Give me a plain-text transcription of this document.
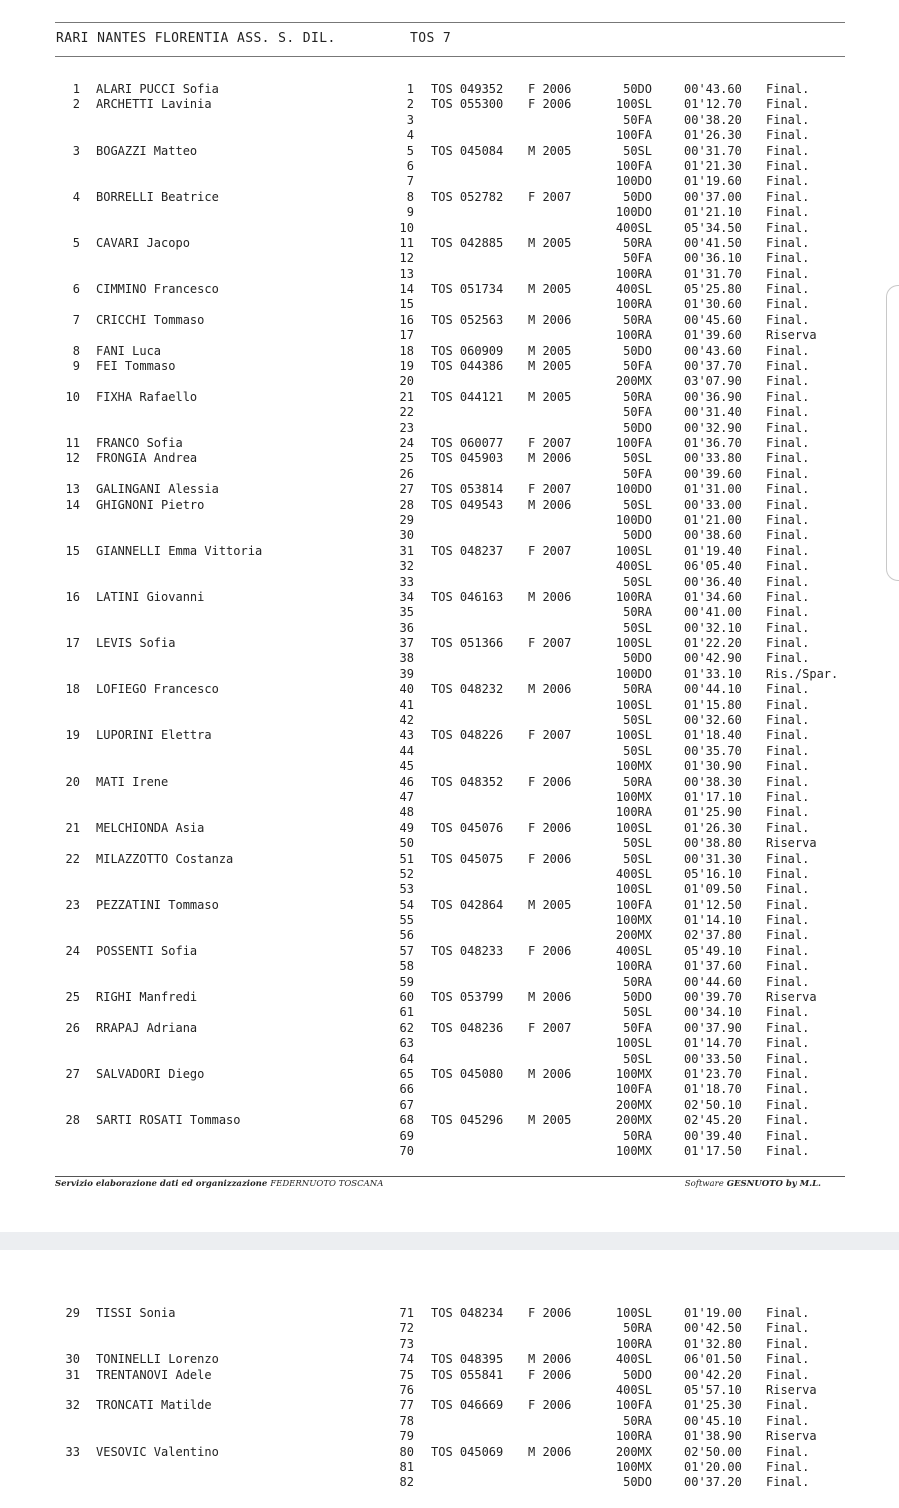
RARI NANTES FLORENTIA ASS. S. DIL.	TOS 7
1 ALARI PUCCI Sofia	1 TOS 049352 F 2006	50DO	00'43.60 Final.
2 ARCHETTI Lavinia	2 TOS 055300 F 2006	100SL	01'12.70 Final.
3	50FA	00'38.20 Final.
4	100FA	01'26.30 Final.
3 BOGAZZI Matteo	5 TOS 045084 M 2005	50SL	00'31.70 Final.
6	100FA	01'21.30 Final.
7	100DO	01'19.60 Final.
4 BORRELLI Beatrice	8 TOS 052782 F 2007	50DO	00'37.00 Final.
9	100DO	01'21.10 Final.
10	400SL	05'34.50 Final.
5 CAVARI Jacopo	11 TOS 042885 M 2005	50RA	00'41.50 Final.
12	50FA	00'36.10 Final.
13	100RA	01'31.70 Final.
6 CIMMINO Francesco	14 TOS 051734 M 2005	400SL	05'25.80 Final.
15	100RA	01'30.60 Final.
7 CRICCHI Tommaso	16 TOS 052563 M 2006	50RA	00'45.60 Final.
17	100RA	01'39.60 Riserva
8 FANI Luca	18 TOS 060909 M 2005	50DO	00'43.60 Final.
9 FEI Tommaso	19 TOS 044386 M 2005	50FA	00'37.70 Final.
20	200MX	03'07.90 Final.
10 FIXHA Rafaello	21 TOS 044121 M 2005	50RA	00'36.90 Final.
22	50FA	00'31.40 Final.
23	50DO	00'32.90 Final.
11 FRANCO Sofia	24 TOS 060077 F 2007	100FA	01'36.70 Final.
12 FRONGIA Andrea	25 TOS 045903 M 2006	50SL	00'33.80 Final.
26	50FA	00'39.60 Final.
13 GALINGANI Alessia	27 TOS 053814 F 2007	100DO	01'31.00 Final.
14 GHIGNONI Pietro	28 TOS 049543 M 2006	50SL	00'33.00 Final.
29	100DO	01'21.00 Final.
30	50DO	00'38.60 Final.
15 GIANNELLI Emma Vittoria	31 TOS 048237 F 2007	100SL	01'19.40 Final.
32	400SL	06'05.40 Final.
33	50SL	00'36.40 Final.
16 LATINI Giovanni	34 TOS 046163 M 2006	100RA	01'34.60 Final.
35	50RA	00'41.00 Final.
36	50SL	00'32.10 Final.
17 LEVIS Sofia	37 TOS 051366 F 2007	100SL	01'22.20 Final.
38	50DO	00'42.90 Final.
39	100DO	01'33.10 Ris./Spar.
18 LOFIEGO Francesco	40 TOS 048232 M 2006	50RA	00'44.10 Final.
41	100SL	01'15.80 Final.
42	50SL	00'32.60 Final.
19 LUPORINI Elettra	43 TOS 048226 F 2007	100SL	01'18.40 Final.
44	50SL	00'35.70 Final.
45	100MX	01'30.90 Final.
20 MATI Irene	46 TOS 048352 F 2006	50RA	00'38.30 Final.
47	100MX	01'17.10 Final.
48	100RA	01'25.90 Final.
21 MELCHIONDA Asia	49 TOS 045076 F 2006	100SL	01'26.30 Final.
50	50SL	00'38.80 Riserva
22 MILAZZOTTO Costanza	51 TOS 045075 F 2006	50SL	00'31.30 Final.
52	400SL	05'16.10 Final.
53	100SL	01'09.50 Final.
23 PEZZATINI Tommaso	54 TOS 042864 M 2005	100FA	01'12.50 Final.
55	100MX	01'14.10 Final.
56	200MX	02'37.80 Final.
24 POSSENTI Sofia	57 TOS 048233 F 2006	400SL	05'49.10 Final.
58	100RA	01'37.60 Final.
59	50RA	00'44.60 Final.
25 RIGHI Manfredi	60 TOS 053799 M 2006	50DO	00'39.70 Riserva
61	50SL	00'34.10 Final.
26 RRAPAJ Adriana	62 TOS 048236 F 2007	50FA	00'37.90 Final.
63	100SL	01'14.70 Final.
64	50SL	00'33.50 Final.
27 SALVADORI Diego	65 TOS 045080 M 2006	100MX	01'23.70 Final.
66	100FA	01'18.70 Final.
67	200MX	02'50.10 Final.
28 SARTI ROSATI Tommaso	68 TOS 045296 M 2005	200MX	02'45.20 Final.
69	50RA	00'39.40 Final.
70	100MX	01'17.50 Final.
Servizio elaborazione dati ed organizzazione FEDERNUOTO TOSCANA	Software GESNUOTO by M.L.
29 TISSI Sonia	71 TOS 048234 F 2006	100SL	01'19.00 Final.
72	50RA	00'42.50 Final.
73	100RA	01'32.80 Final.
30 TONINELLI Lorenzo	74 TOS 048395 M 2006	400SL	06'01.50 Final.
31 TRENTANOVI Adele	75 TOS 055841 F 2006	50DO	00'42.20 Final.
76	400SL	05'57.10 Riserva
32 TRONCATI Matilde	77 TOS 046669 F 2006	100FA	01'25.30 Final.
78	50RA	00'45.10 Final.
79	100RA	01'38.90 Riserva
33 VESOVIC Valentino	80 TOS 045069 M 2006	200MX	02'50.00 Final.
81	100MX	01'20.00 Final.
82	50DO	00'37.20 Final.
